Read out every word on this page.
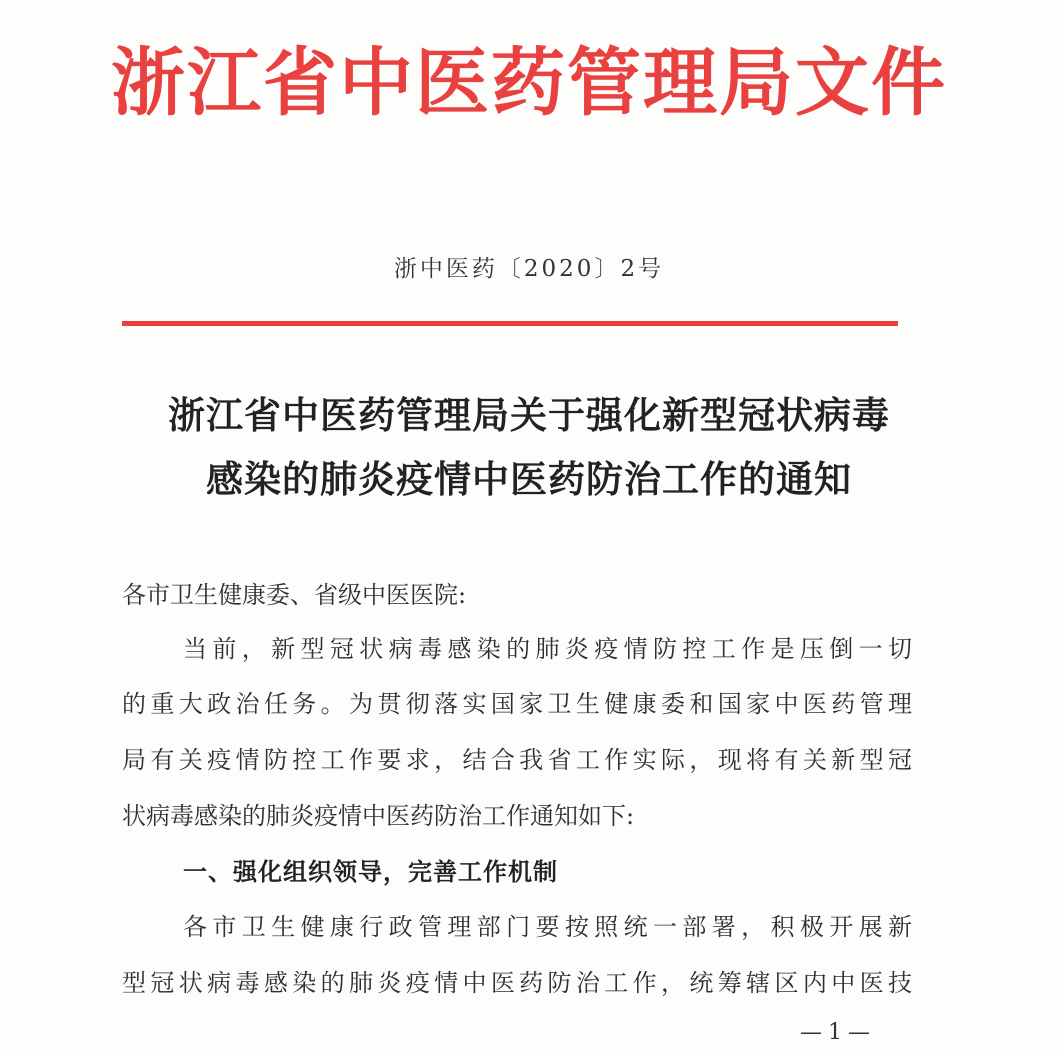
浙江省中医药管理局文件
浙中医药〔2020〕2号
浙江省中医药管理局关于强化新型冠状病毒
感染的肺炎疫情中医药防治工作的通知
各市卫生健康委、省级中医医院:
当前，新型冠状病毒感染的肺炎疫情防控工作是压倒一切
的重大政治任务。为贯彻落实国家卫生健康委和国家中医药管理
局有关疫情防控工作要求，结合我省工作实际，现将有关新型冠
状病毒感染的肺炎疫情中医药防治工作通知如下:
一、强化组织领导，完善工作机制
各市卫生健康行政管理部门要按照统一部署，积极开展新
型冠状病毒感染的肺炎疫情中医药防治工作，统筹辖区内中医技
—1—
